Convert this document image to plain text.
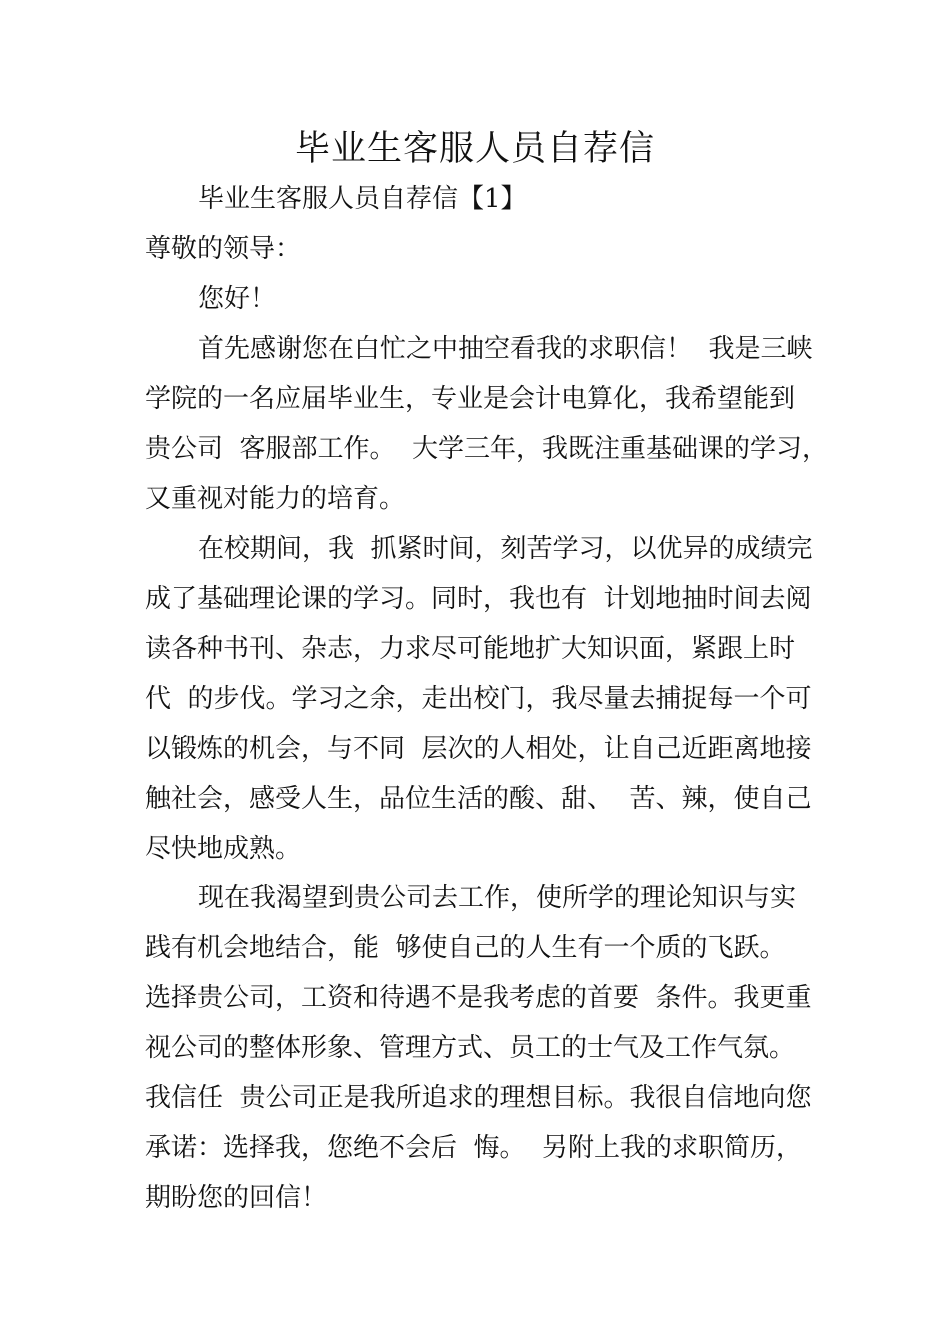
毕业生客服人员自荐信

毕业生客服人员自荐信【1】

尊敬的领导：

您好！

首先感谢您在白忙之中抽空看我的求职信！  我是三峡

学院的一名应届毕业生，专业是会计电算化，我希望能到

贵公司  客服部工作。  大学三年，我既注重基础课的学习，

又重视对能力的培育。

在校期间，我  抓紧时间，刻苦学习，以优异的成绩完

成了基础理论课的学习。同时，我也有  计划地抽时间去阅

读各种书刊、杂志，力求尽可能地扩大知识面，紧跟上时

代  的步伐。学习之余，走出校门，我尽量去捕捉每一个可

以锻炼的机会，与不同  层次的人相处，让自己近距离地接

触社会，感受人生，品位生活的酸、甜、  苦、辣，使自己

尽快地成熟。

现在我渴望到贵公司去工作，使所学的理论知识与实

践有机会地结合，能  够使自己的人生有一个质的飞跃。

选择贵公司，工资和待遇不是我考虑的首要  条件。我更重

视公司的整体形象、管理方式、员工的士气及工作气氛。

我信任  贵公司正是我所追求的理想目标。我很自信地向您

承诺：选择我，您绝不会后  悔。  另附上我的求职简历，

期盼您的回信！
